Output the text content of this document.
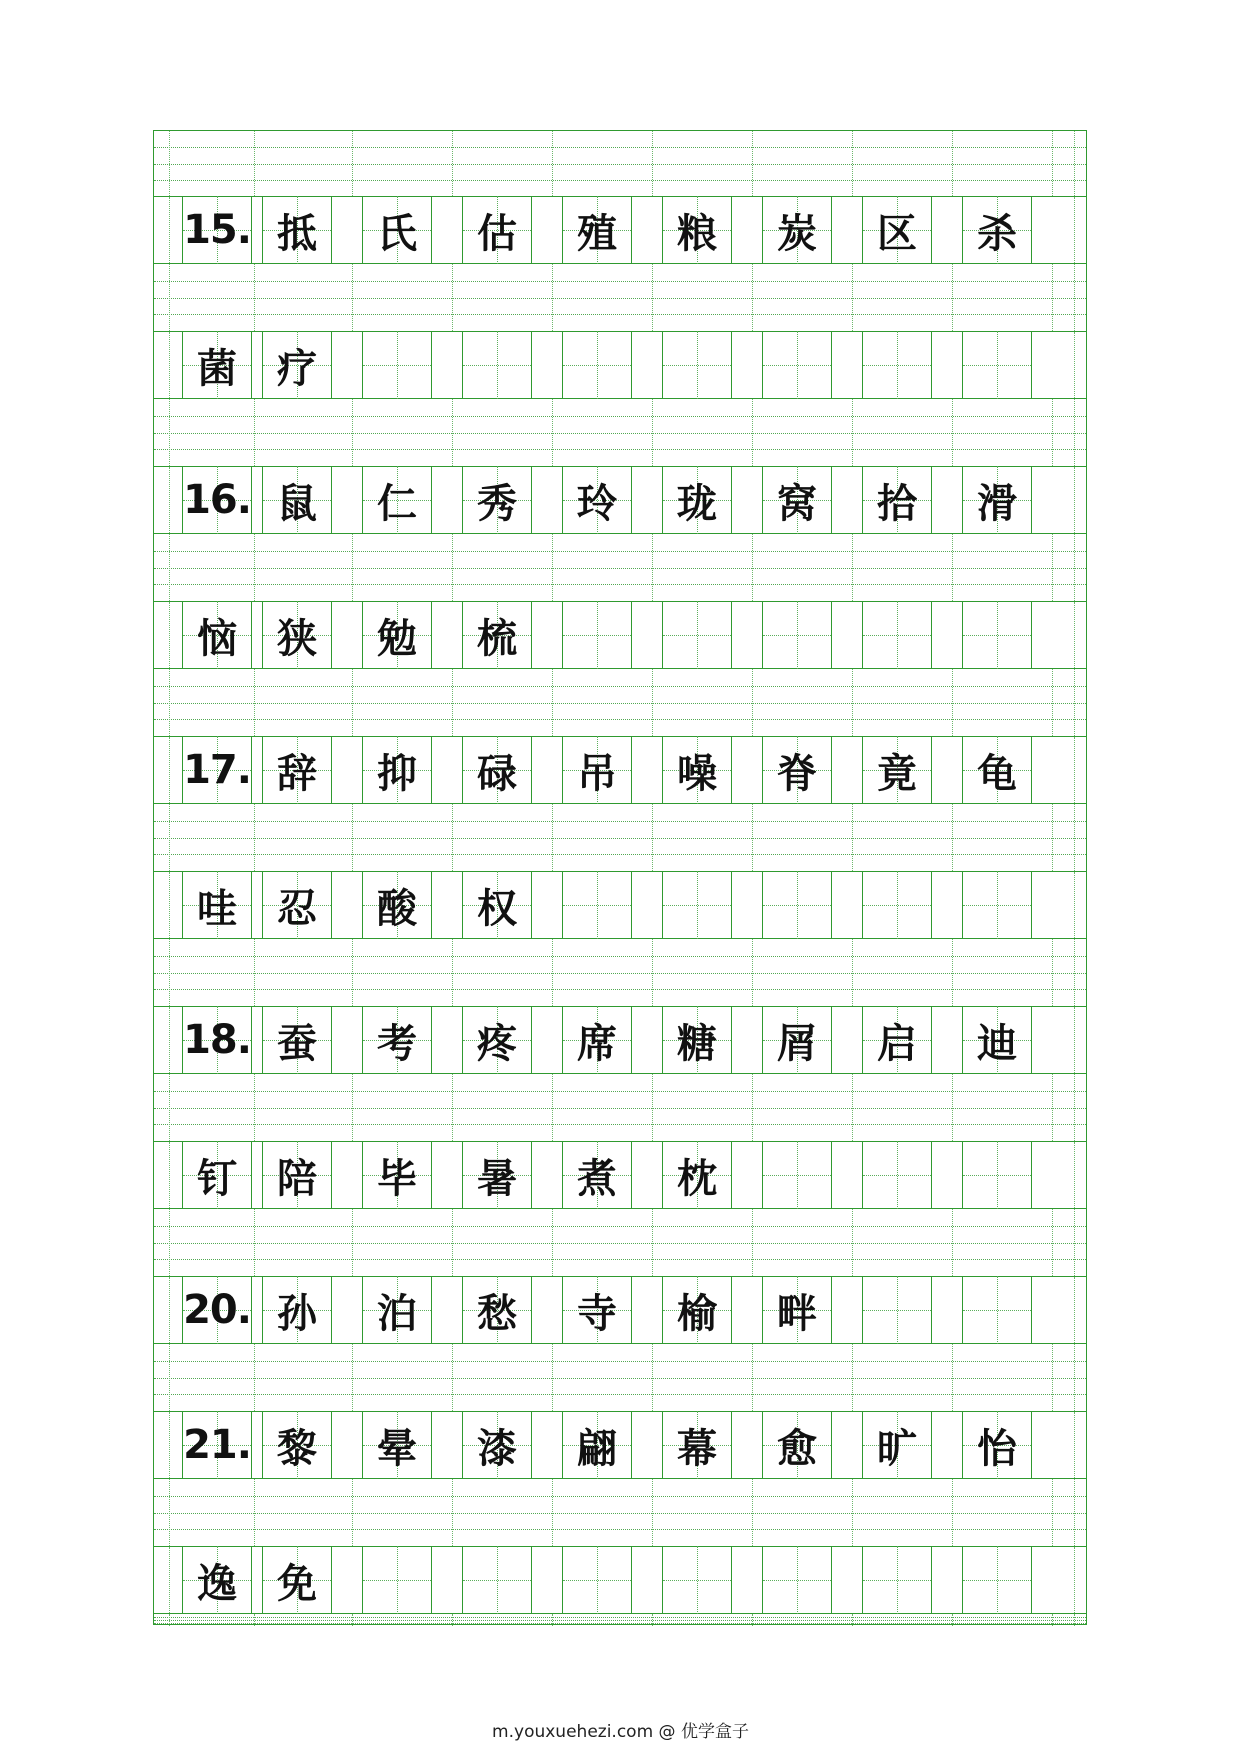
15. 抵 氏 估 殖 粮 炭 区 杀
菌 疗
16. 鼠 仁 秀 玲 珑 窝 拾 滑
恼 狭 勉 梳
17. 辞 抑 碌 吊 噪 脊 竟 龟
哇 忍 酸 权
18. 蚕 考 疼 席 糖 屑 启 迪
钉 陪 毕 暑 煮 枕
20. 孙 泊 愁 寺 榆 畔
21. 黎 晕 漆 翩 幕 愈 旷 怡
逸 免
m.youxuehezi.com @ 优学盒子
